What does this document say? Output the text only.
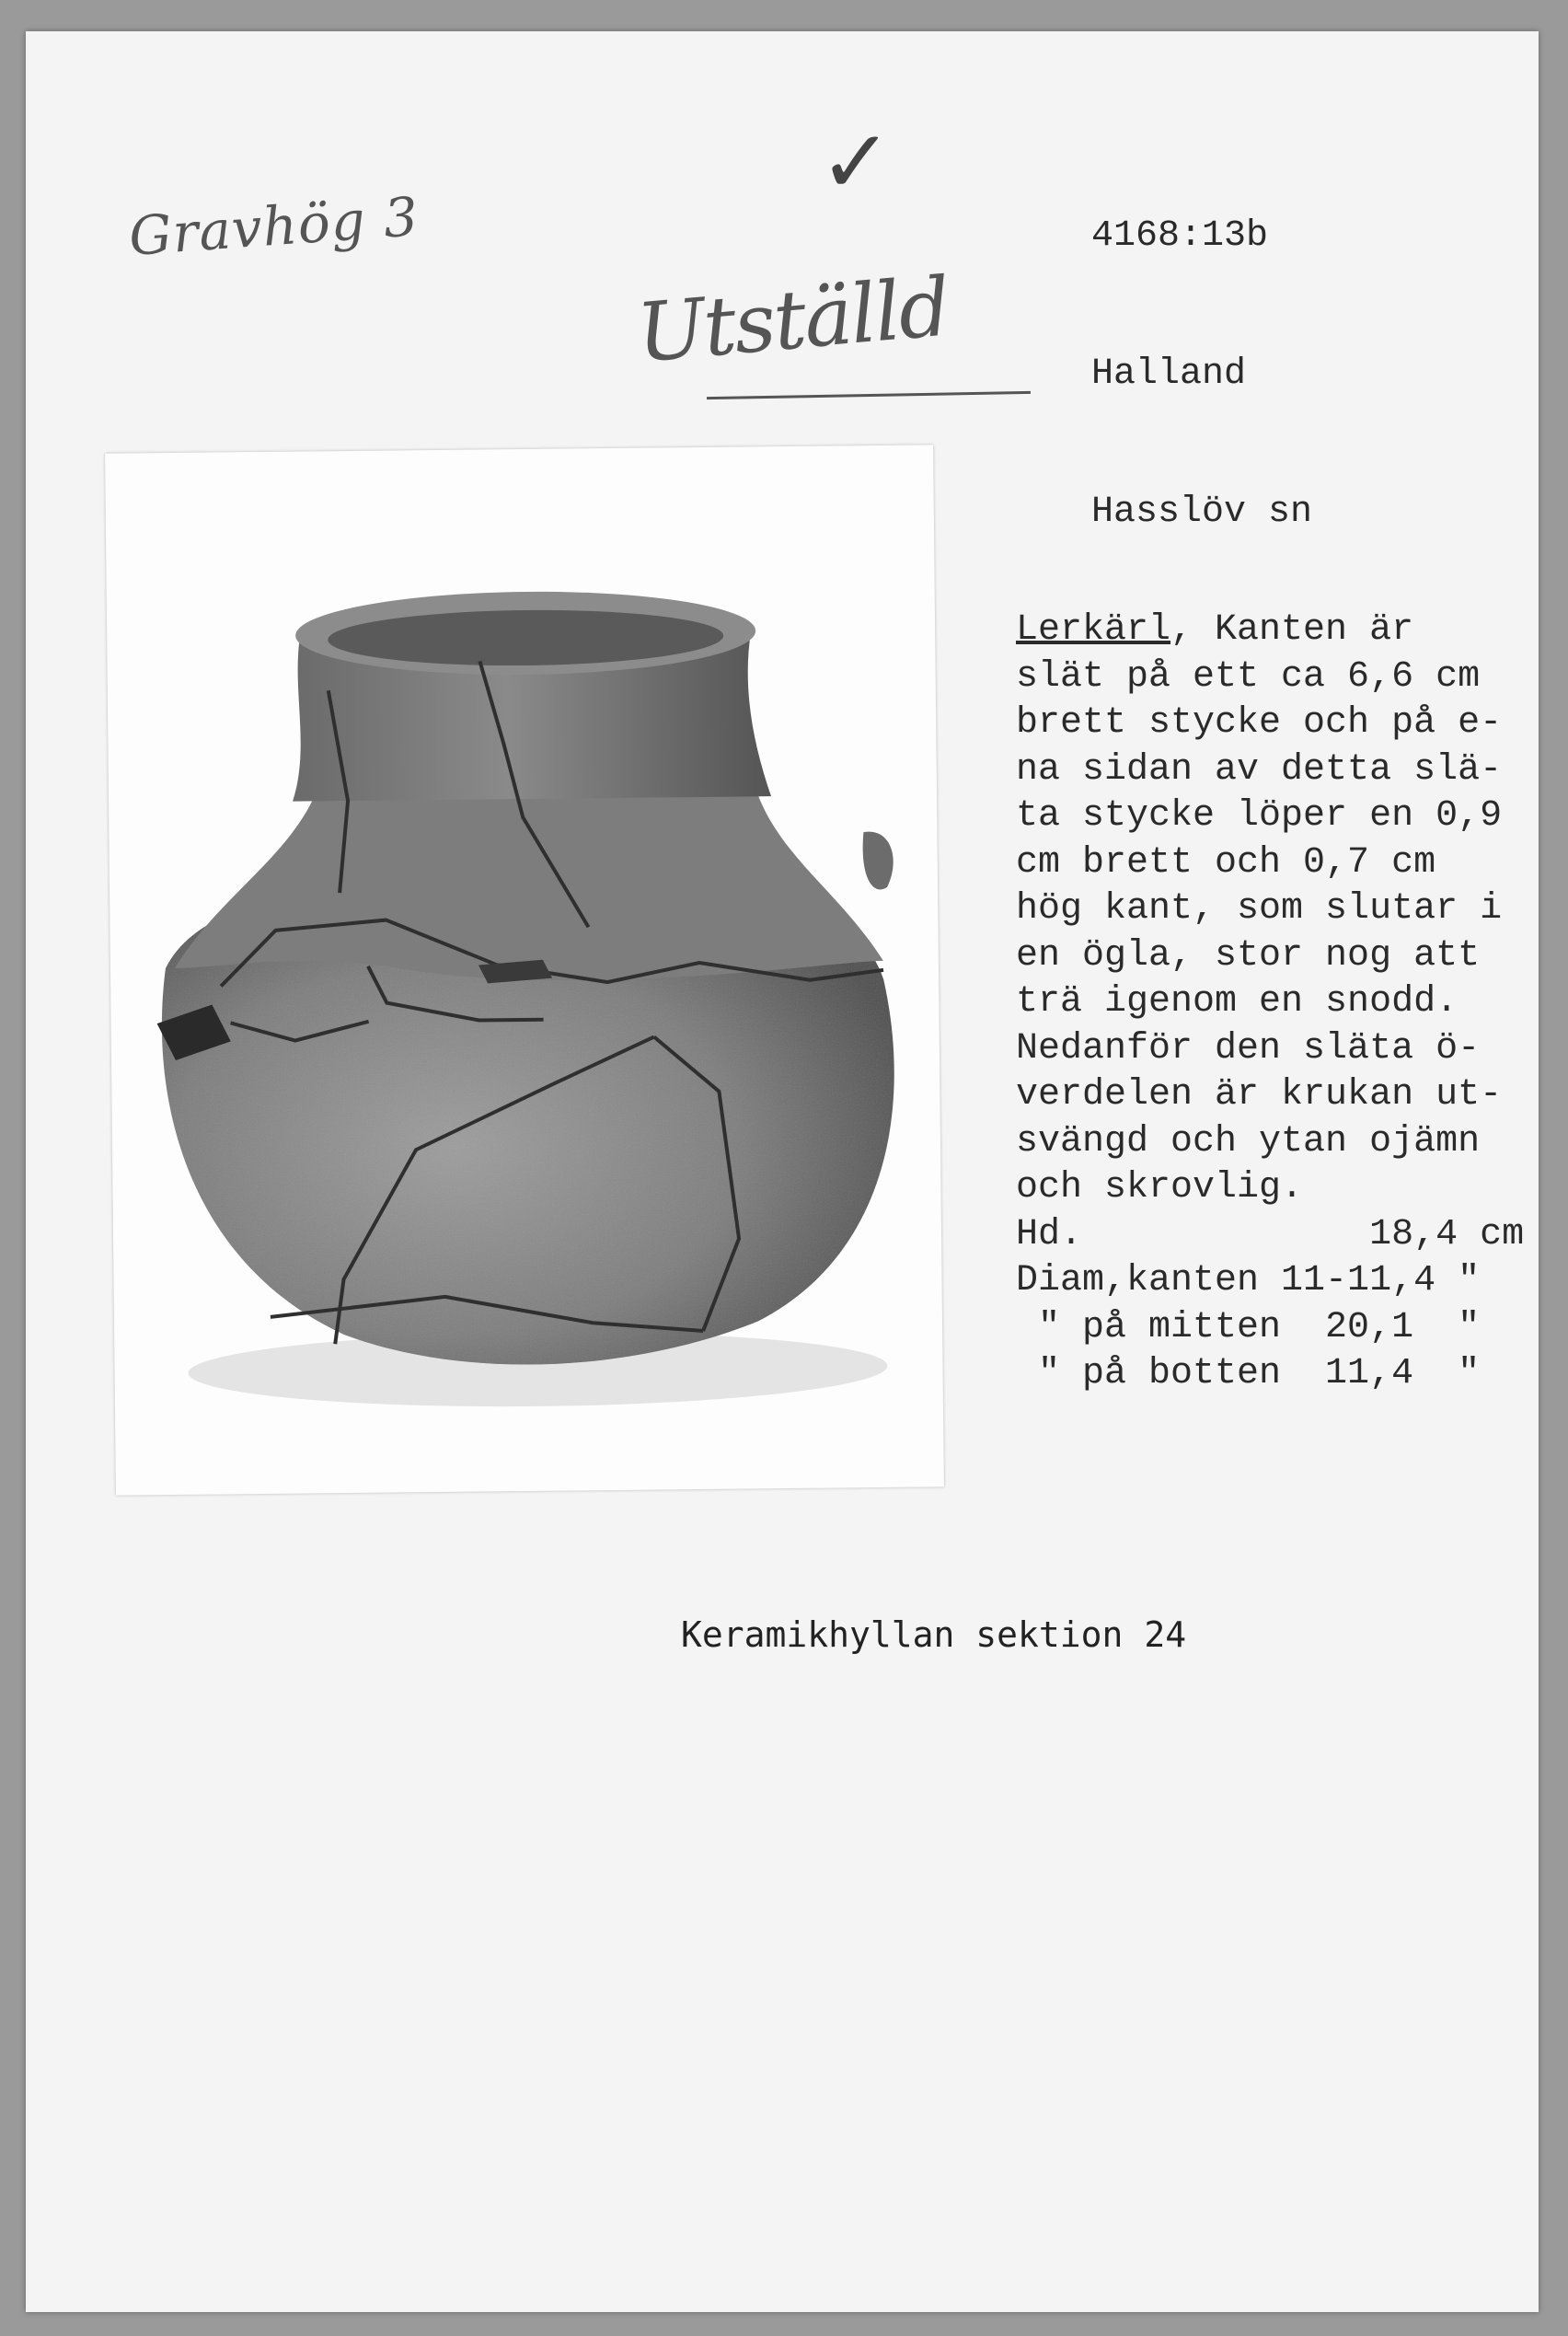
Gravhög 3
✓
Utställd

4168:13b

Halland

Hasslöv sn

Lerkärl, Kanten är
slät på ett ca 6,6 cm
brett stycke och på e-
na sidan av detta slä-
ta stycke löper en 0,9
cm brett och 0,7 cm
hög kant, som slutar i
en ögla, stor nog att
trä igenom en snodd.
Nedanför den släta ö-
verdelen är krukan ut-
svängd och ytan ojämn
och skrovlig.
Hd.             18,4 cm
Diam,kanten 11-11,4 "
" på mitten  20,1  "
" på botten  11,4  "
Keramikhyllan sektion 24
